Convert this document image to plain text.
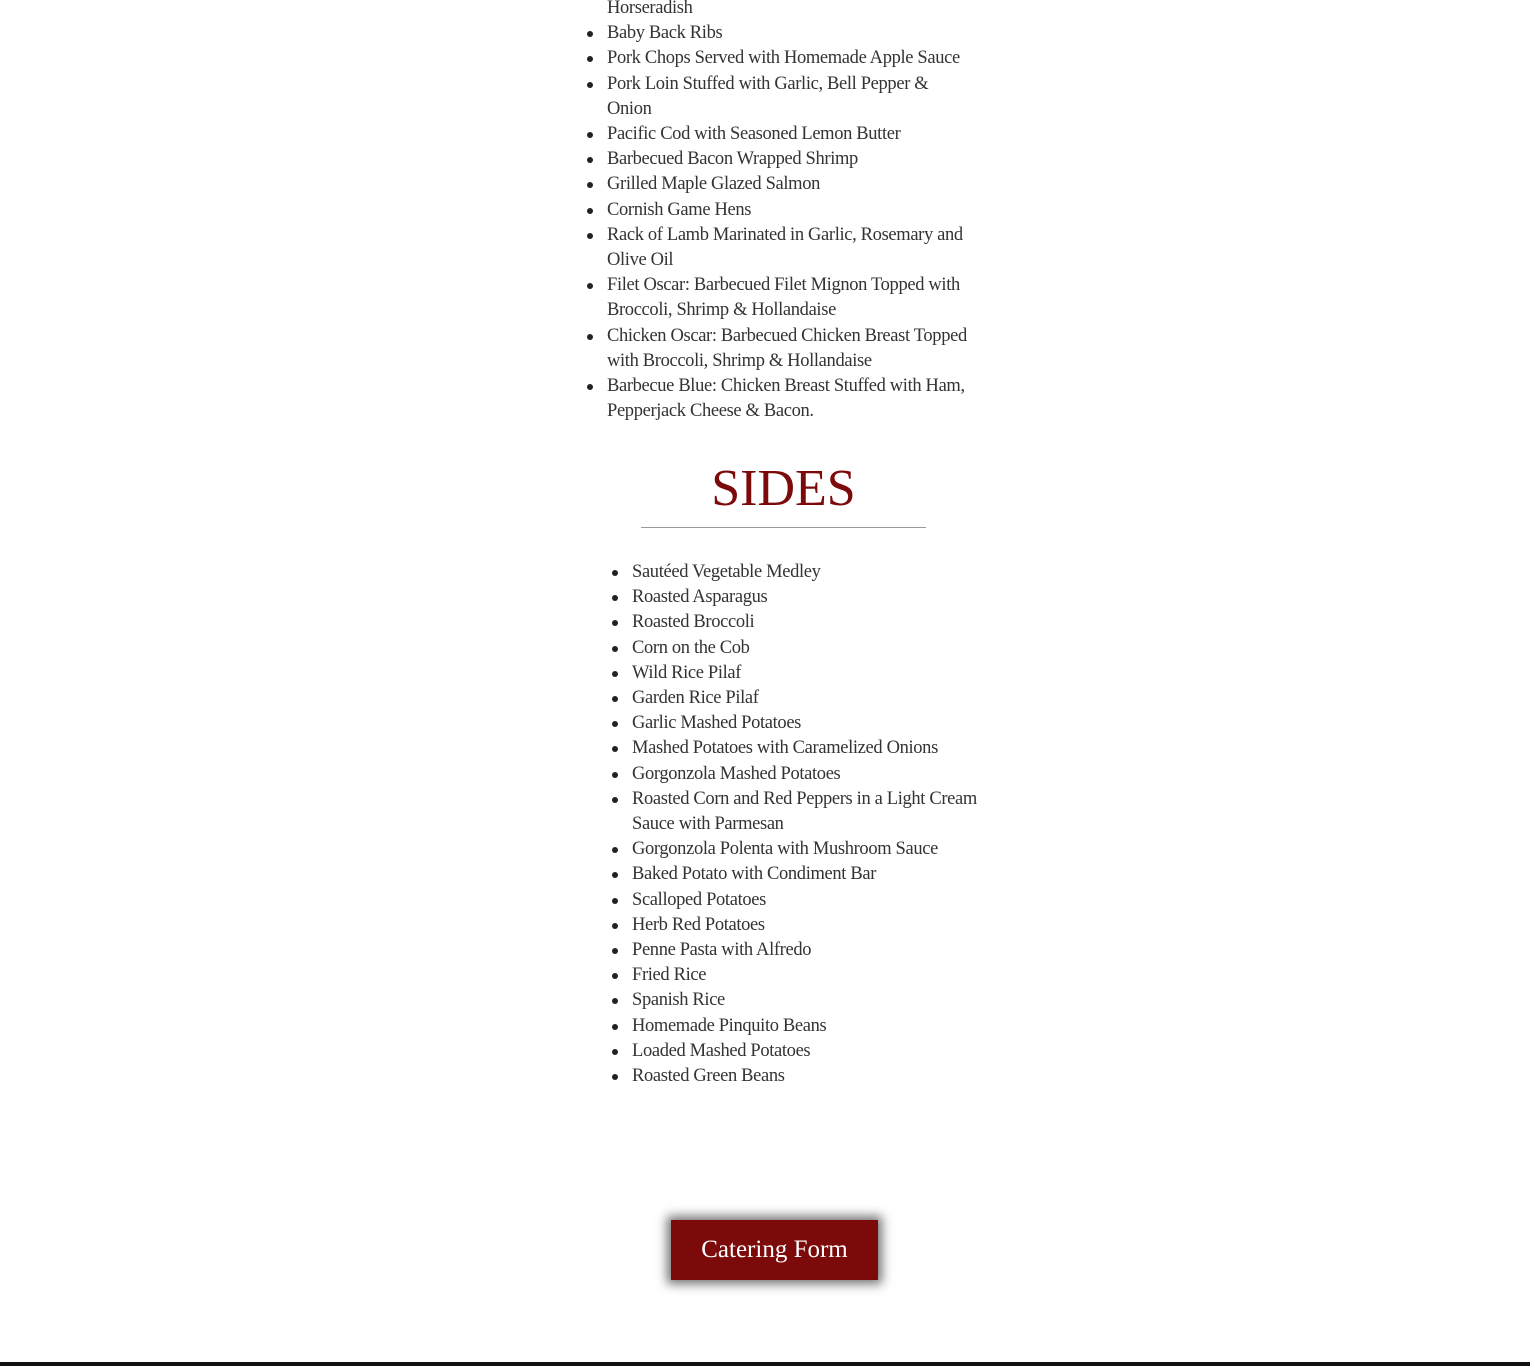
Horseradish
Baby Back Ribs
Pork Chops Served with Homemade Apple Sauce
Pork Loin Stuffed with Garlic, Bell Pepper & Onion
Pacific Cod with Seasoned Lemon Butter
Barbecued Bacon Wrapped Shrimp
Grilled Maple Glazed Salmon
Cornish Game Hens
Rack of Lamb Marinated in Garlic, Rosemary and Olive Oil
Filet Oscar: Barbecued Filet Mignon Topped with Broccoli, Shrimp & Hollandaise
Chicken Oscar: Barbecued Chicken Breast Topped with Broccoli, Shrimp & Hollandaise
Barbecue Blue: Chicken Breast Stuffed with Ham, Pepperjack Cheese & Bacon.
SIDES
Sautéed Vegetable Medley
Roasted Asparagus
Roasted Broccoli
Corn on the Cob
Wild Rice Pilaf
Garden Rice Pilaf
Garlic Mashed Potatoes
Mashed Potatoes with Caramelized Onions
Gorgonzola Mashed Potatoes
Roasted Corn and Red Peppers in a Light Cream Sauce with Parmesan
Gorgonzola Polenta with Mushroom Sauce
Baked Potato with Condiment Bar
Scalloped Potatoes
Herb Red Potatoes
Penne Pasta with Alfredo
Fried Rice
Spanish Rice
Homemade Pinquito Beans
Loaded Mashed Potatoes
Roasted Green Beans
Catering Form
